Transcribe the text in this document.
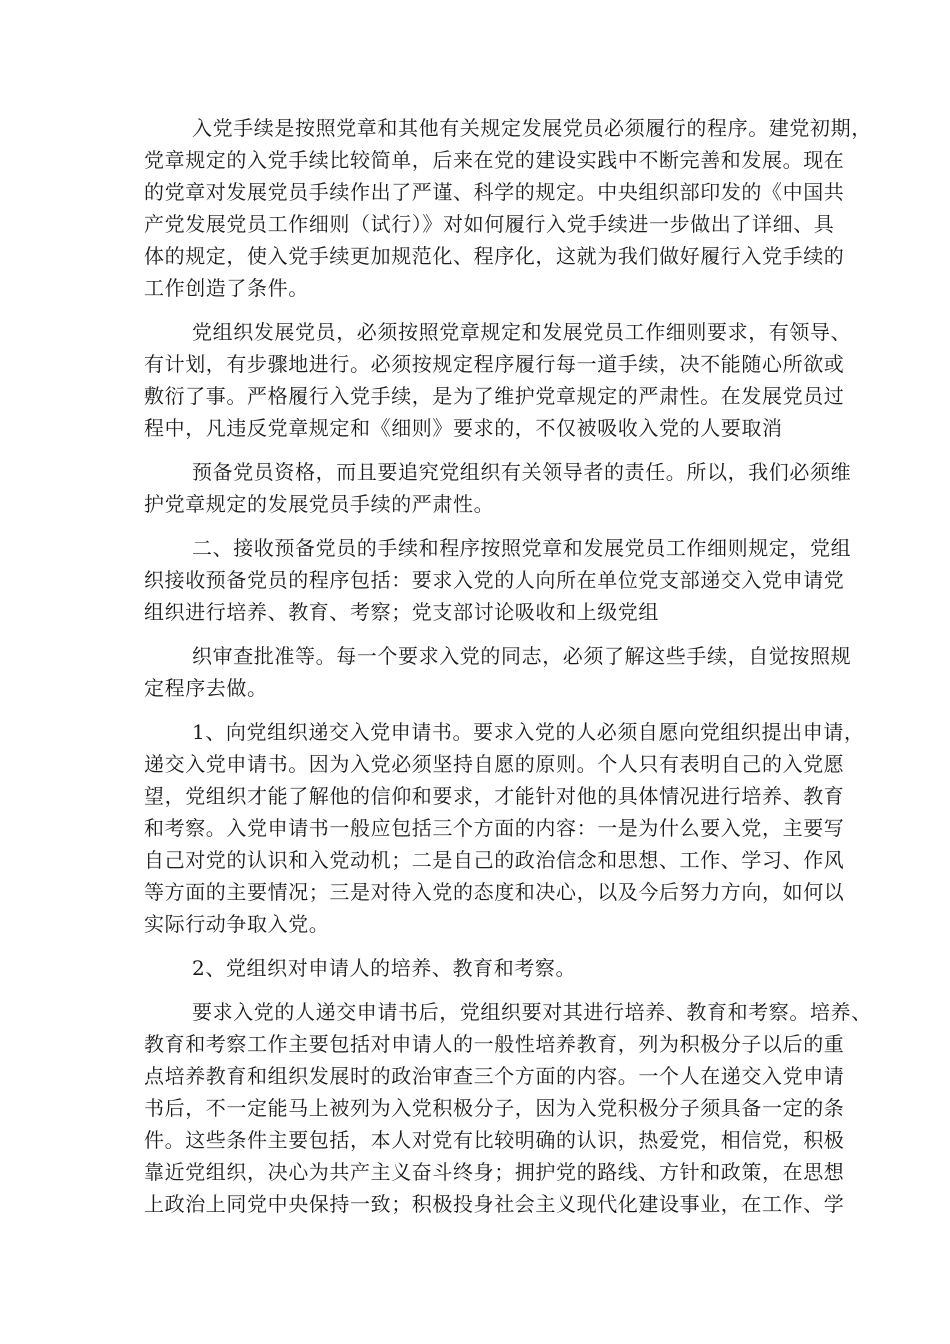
入党手续是按照党章和其他有关规定发展党员必须履行的程序。建党初期，
党章规定的入党手续比较简单，后来在党的建设实践中不断完善和发展。现在
的党章对发展党员手续作出了严谨、科学的规定。中央组织部印发的《中国共
产党发展党员工作细则（试行）》对如何履行入党手续进一步做出了详细、具
体的规定，使入党手续更加规范化、程序化，这就为我们做好履行入党手续的
工作创造了条件。
党组织发展党员，必须按照党章规定和发展党员工作细则要求，有领导、
有计划，有步骤地进行。必须按规定程序履行每一道手续，决不能随心所欲或
敷衍了事。严格履行入党手续，是为了维护党章规定的严肃性。在发展党员过
程中，凡违反党章规定和《细则》要求的，不仅被吸收入党的人要取消
预备党员资格，而且要追究党组织有关领导者的责任。所以，我们必须维
护党章规定的发展党员手续的严肃性。
二、接收预备党员的手续和程序按照党章和发展党员工作细则规定，党组
织接收预备党员的程序包括：要求入党的人向所在单位党支部递交入党申请党
组织进行培养、教育、考察；党支部讨论吸收和上级党组
织审查批准等。每一个要求入党的同志，必须了解这些手续，自觉按照规
定程序去做。
1、向党组织递交入党申请书。要求入党的人必须自愿向党组织提出申请，
递交入党申请书。因为入党必须坚持自愿的原则。个人只有表明自己的入党愿
望，党组织才能了解他的信仰和要求，才能针对他的具体情况进行培养、教育
和考察。入党申请书一般应包括三个方面的内容：一是为什么要入党，主要写
自己对党的认识和入党动机；二是自己的政治信念和思想、工作、学习、作风
等方面的主要情况；三是对待入党的态度和决心，以及今后努力方向，如何以
实际行动争取入党。
2、党组织对申请人的培养、教育和考察。
要求入党的人递交申请书后，党组织要对其进行培养、教育和考察。培养、
教育和考察工作主要包括对申请人的一般性培养教育，列为积极分子以后的重
点培养教育和组织发展时的政治审查三个方面的内容。一个人在递交入党申请
书后，不一定能马上被列为入党积极分子，因为入党积极分子须具备一定的条
件。这些条件主要包括，本人对党有比较明确的认识，热爱党，相信党，积极
靠近党组织，决心为共产主义奋斗终身；拥护党的路线、方针和政策，在思想
上政治上同党中央保持一致；积极投身社会主义现代化建设事业，在工作、学
